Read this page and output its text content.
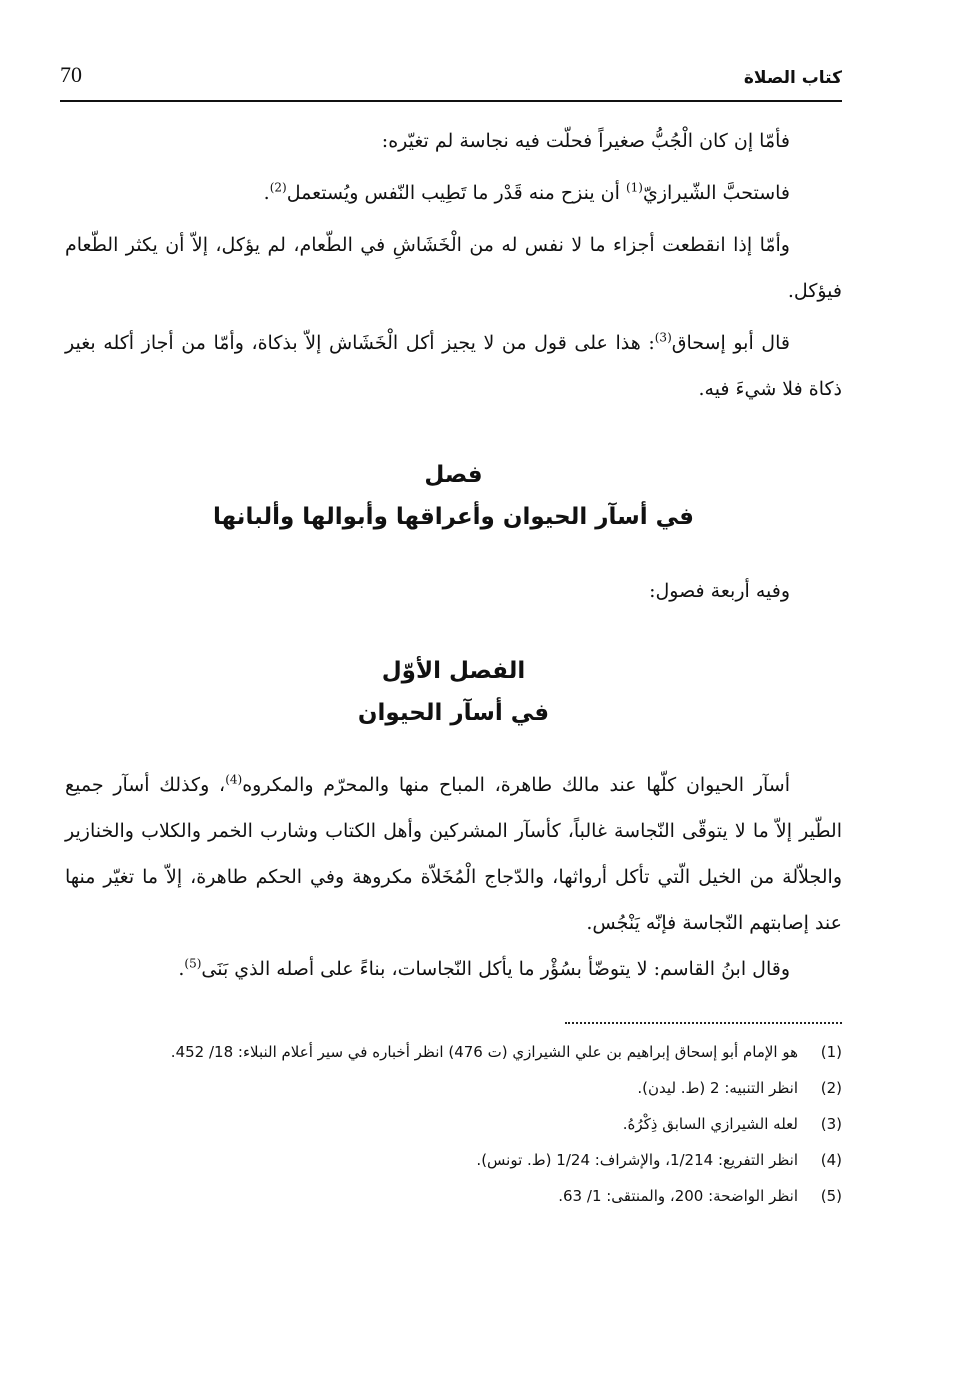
70	كتاب الصلاة

فأمّا إن كان الْجُبُّ صغيراً فحلّت فيه نجاسة لم تغيّره:

فاستحبَّ الشّيرازيّ$^{(1)}$ أن ينزح منه قَدْر ما تَطِيب النّفس ويُستعمل$^{(2)}$.

وأمّا إذا انقطعت أجزاء ما لا نفس له من الْخَشَاشِ في الطّعام، لم يؤكل، إلاّ أن يكثر الطّعام فيؤكل.

قال أبو إسحاق$^{(3)}$: هذا على قول من لا يجيز أكل الْخَشَاش إلاّ بذكاة، وأمّا من أجاز أكله بغير ذكاة فلا شيءَ فيه.

فصل

في أسآر الحيوان وأعراقها وأبوالها وألبانها

وفيه أربعة فصول:

الفصل الأوّل

في أسآر الحيوان

أسآر الحيوان كلّها عند مالك طاهرة، المباح منها والمحرّم والمكروه$^{(4)}$، وكذلك أسآر جميع الطّير إلاّ ما لا يتوقّى النّجاسة غالباً، كأسآر المشركين وأهل الكتاب وشارب الخمر والكلاب والخنازير والجلاّلة من الخيل الّتي تأكل أرواثها، والدّجاج الْمُخَلاّة مكروهة وفي الحكم طاهرة، إلاّ ما تغيّر منها عند إصابتهم النّجاسة فإنّه يَنْجُس.

وقال ابنُ القاسم: لا يتوضّأ بسُؤْر ما يأكل النّجاسات، بناءً على أصله الذي بَنَى$^{(5)}$.

(1)
هو الإمام أبو إسحاق إبراهيم بن علي الشيرازي (ت 476) انظر أخباره في سير أعلام النبلاء: 18/ 452.
(2)
انظر التنبيه: 2 (ط. ليدن).
(3)
لعله الشيرازي السابق ذِكْرُهُ.
(4)
انظر التفريع: 1/214، والإشراف: 1/24 (ط. تونس).
(5)
انظر الواضحة: 200، والمنتقى: 1/ 63.
